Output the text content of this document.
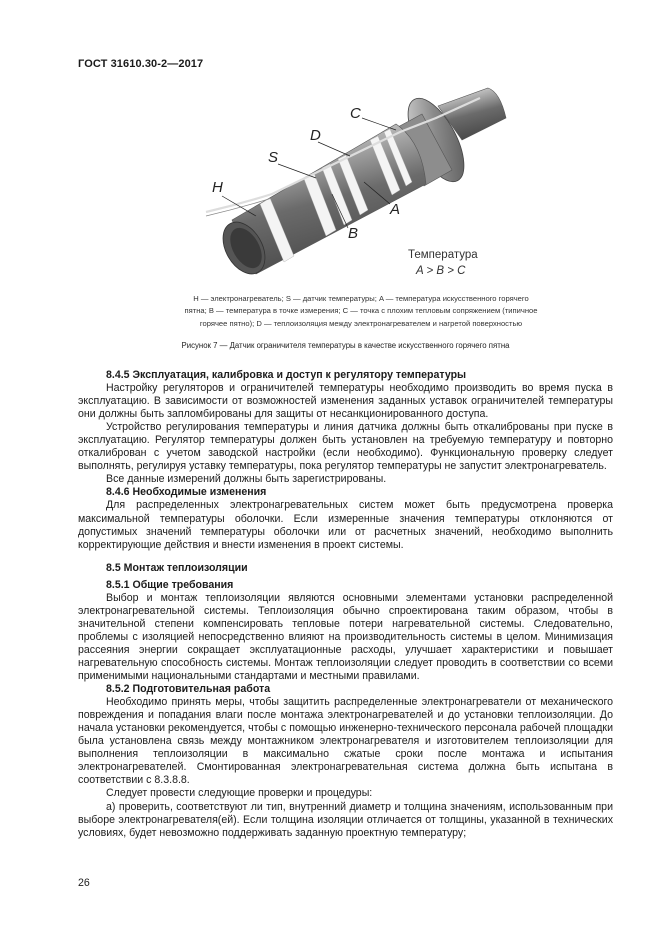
ГОСТ 31610.30-2—2017
H
S
D
C
A
B
Температура
A > B > C
H — электронагреватель; S — датчик температуры; A — температура искусственного горячего
пятна; B — температура в точке измерения; C — точка с плохим тепловым сопряжением (типичное
горячее пятно); D — теплоизоляция между электронагревателем и нагретой поверхностью
Рисунок 7 — Датчик ограничителя температуры в качестве искусственного горячего пятна
8.4.5 Эксплуатация, калибровка и доступ к регулятору температуры

Настройку регуляторов и ограничителей температуры необходимо производить во время пуска в эксплуатацию. В зависимости от возможностей изменения заданных уставок ограничителей температуры они должны быть запломбированы для защиты от несанкционированного доступа.

Устройство регулирования температуры и линия датчика должны быть откалиброваны при пуске в эксплуатацию. Регулятор температуры должен быть установлен на требуемую температуру и повторно откалиброван с учетом заводской настройки (если необходимо). Функциональную проверку следует выполнять, регулируя уставку температуры, пока регулятор температуры не запустит электронагреватель.

Все данные измерений должны быть зарегистрированы.

8.4.6 Необходимые изменения

Для распределенных электронагревательных систем может быть предусмотрена проверка максимальной температуры оболочки. Если измеренные значения температуры отклоняются от допустимых значений температуры оболочки или от расчетных значений, необходимо выполнить корректирующие действия и внести изменения в проект системы.

8.5 Монтаж теплоизоляции
8.5.1 Общие требования

Выбор и монтаж теплоизоляции являются основными элементами установки распределенной электронагревательной системы. Теплоизоляция обычно спроектирована таким образом, чтобы в значительной степени компенсировать тепловые потери нагревательной системы. Следовательно, проблемы с изоляцией непосредственно влияют на производительность системы в целом. Минимизация рассеяния энергии сокращает эксплуатационные расходы, улучшает характеристики и повышает нагревательную способность системы. Монтаж теплоизоляции следует проводить в соответствии со всеми применимыми национальными стандартами и местными правилами.

8.5.2 Подготовительная работа

Необходимо принять меры, чтобы защитить распределенные электронагреватели от механического повреждения и попадания влаги после монтажа электронагревателей и до установки теплоизоляции. До начала установки рекомендуется, чтобы с помощью инженерно-технического персонала рабочей площадки была установлена связь между монтажником электронагревателя и изготовителем теплоизоляции для выполнения теплоизоляции в максимально сжатые сроки после монтажа и испытания электронагревателей. Смонтированная электронагревательная система должна быть испытана в соответствии с 8.3.8.8.

Следует провести следующие проверки и процедуры:

а) проверить, соответствуют ли тип, внутренний диаметр и толщина значениям, использованным при выборе электронагревателя(ей). Если толщина изоляции отличается от толщины, указанной в технических условиях, будет невозможно поддерживать заданную проектную температуру;

26
